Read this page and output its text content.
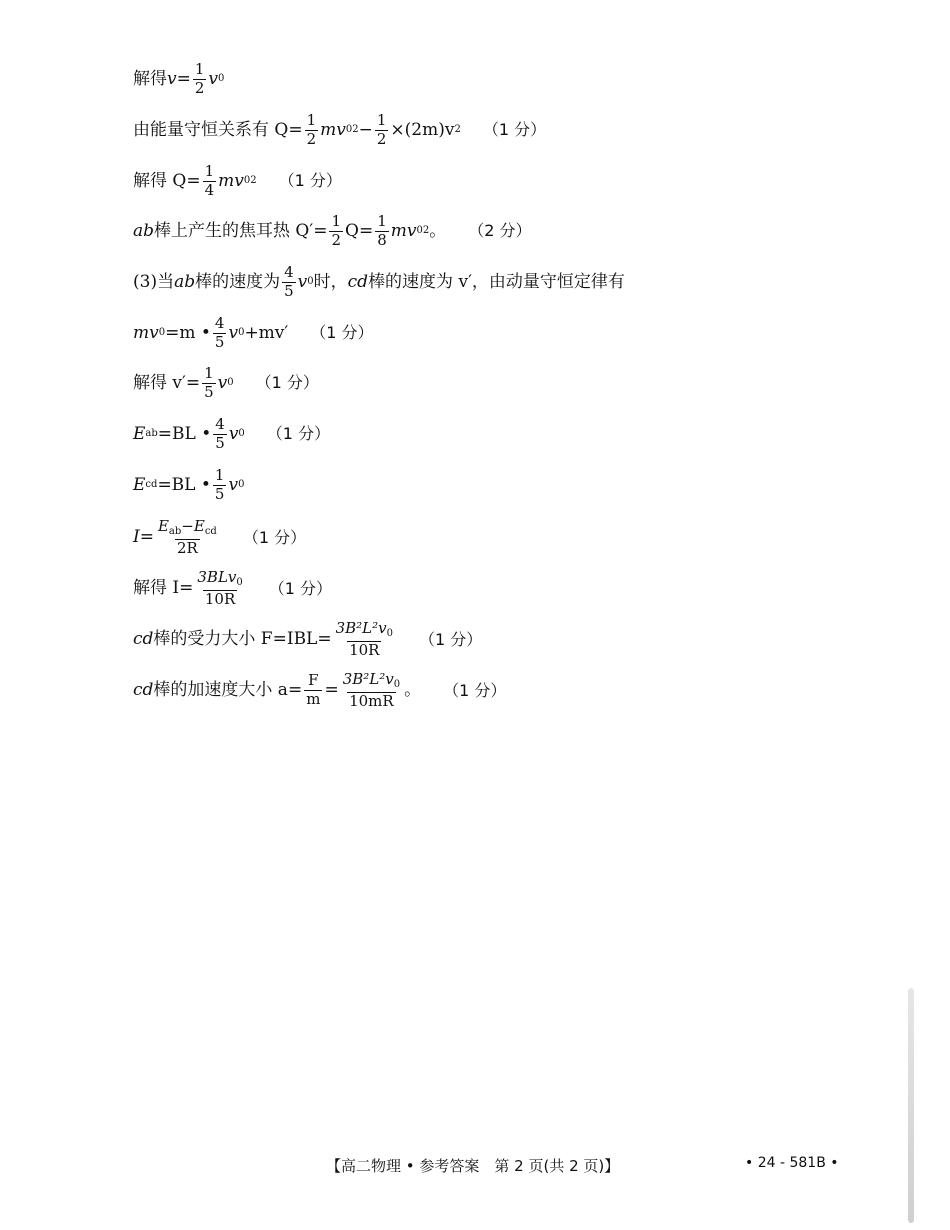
解得 $v = \frac{1}{2}$ v 0
由能量守恒关系有 $Q= \frac{1}{2}$ mv 0 $2 - \frac{1}{2} \times(2m)v$ 2 （1 分）
解得 $Q= \frac{1}{4}$ mv 0 2 （1 分）
ab 棒上产生的焦耳热 $Q'= \frac{1}{2} Q= \frac{1}{8}$ mv 0 2 。 （2 分）
(3)当 ab 棒的速度为 $\frac{4}{5}$ v 0 时， cd 棒的速度为 v′，由动量守恒定律有
mv 0 =m • $\frac{4}{5}$ v 0 +mv′ （1 分）
解得 $v'= \frac{1}{5}$ v 0 （1 分）
E ab =BL • $\frac{4}{5}$ v 0 （1 分）
E cd =BL • $\frac{1}{5}$ v 0
$I= \frac{E_{ab}-E_{cd}}{2R} (1$ 分）
解得 $I= \frac{3BLv_0}{10R} (1$ 分）
cd 棒的受力大小 $F=IBL= \frac{3B^2L^2v_0}{10R} (1$ 分）
cd 棒的加速度大小 $a= \frac{F}{m} = \frac{3B^2L^2v_0}{10mR}$ 。 （1 分）
【高二物理 • 参考答案　第 2 页(共 2 页)】	• 24 - 581B •
